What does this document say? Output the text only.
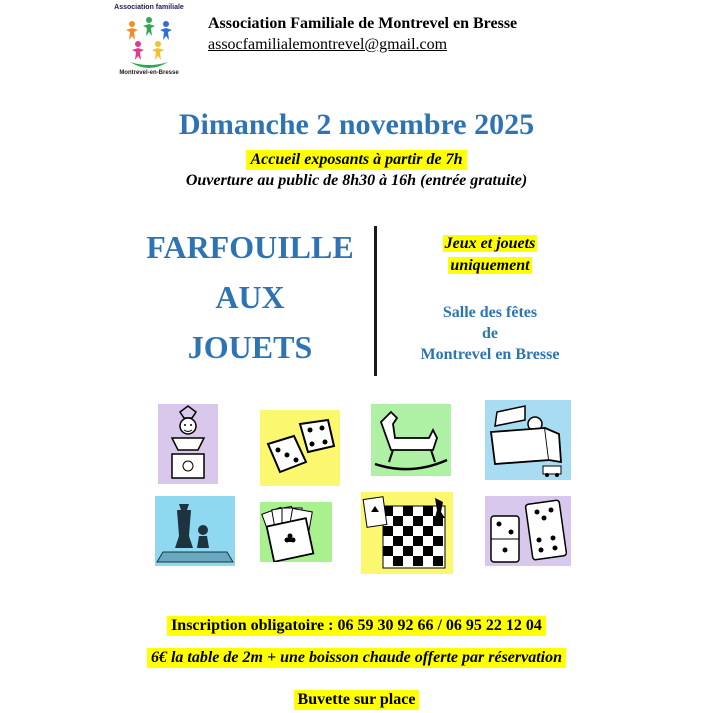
Association familiale
Montrevel-en-Bresse
Association Familiale de Montrevel en Bresse
assocfamilialemontrevel@gmail.com
Dimanche 2 novembre 2025
Accueil exposants à partir de 7h
Ouverture au public de 8h30 à 16h (entrée gratuite)
FARFOUILLE
AUX
JOUETS
Jeux et jouets
uniquement
Salle des fêtes
de
Montrevel en Bresse
Inscription obligatoire : 06 59 30 92 66 / 06 95 22 12 04
6€ la table de 2m + une boisson chaude offerte par réservation
Buvette sur place
